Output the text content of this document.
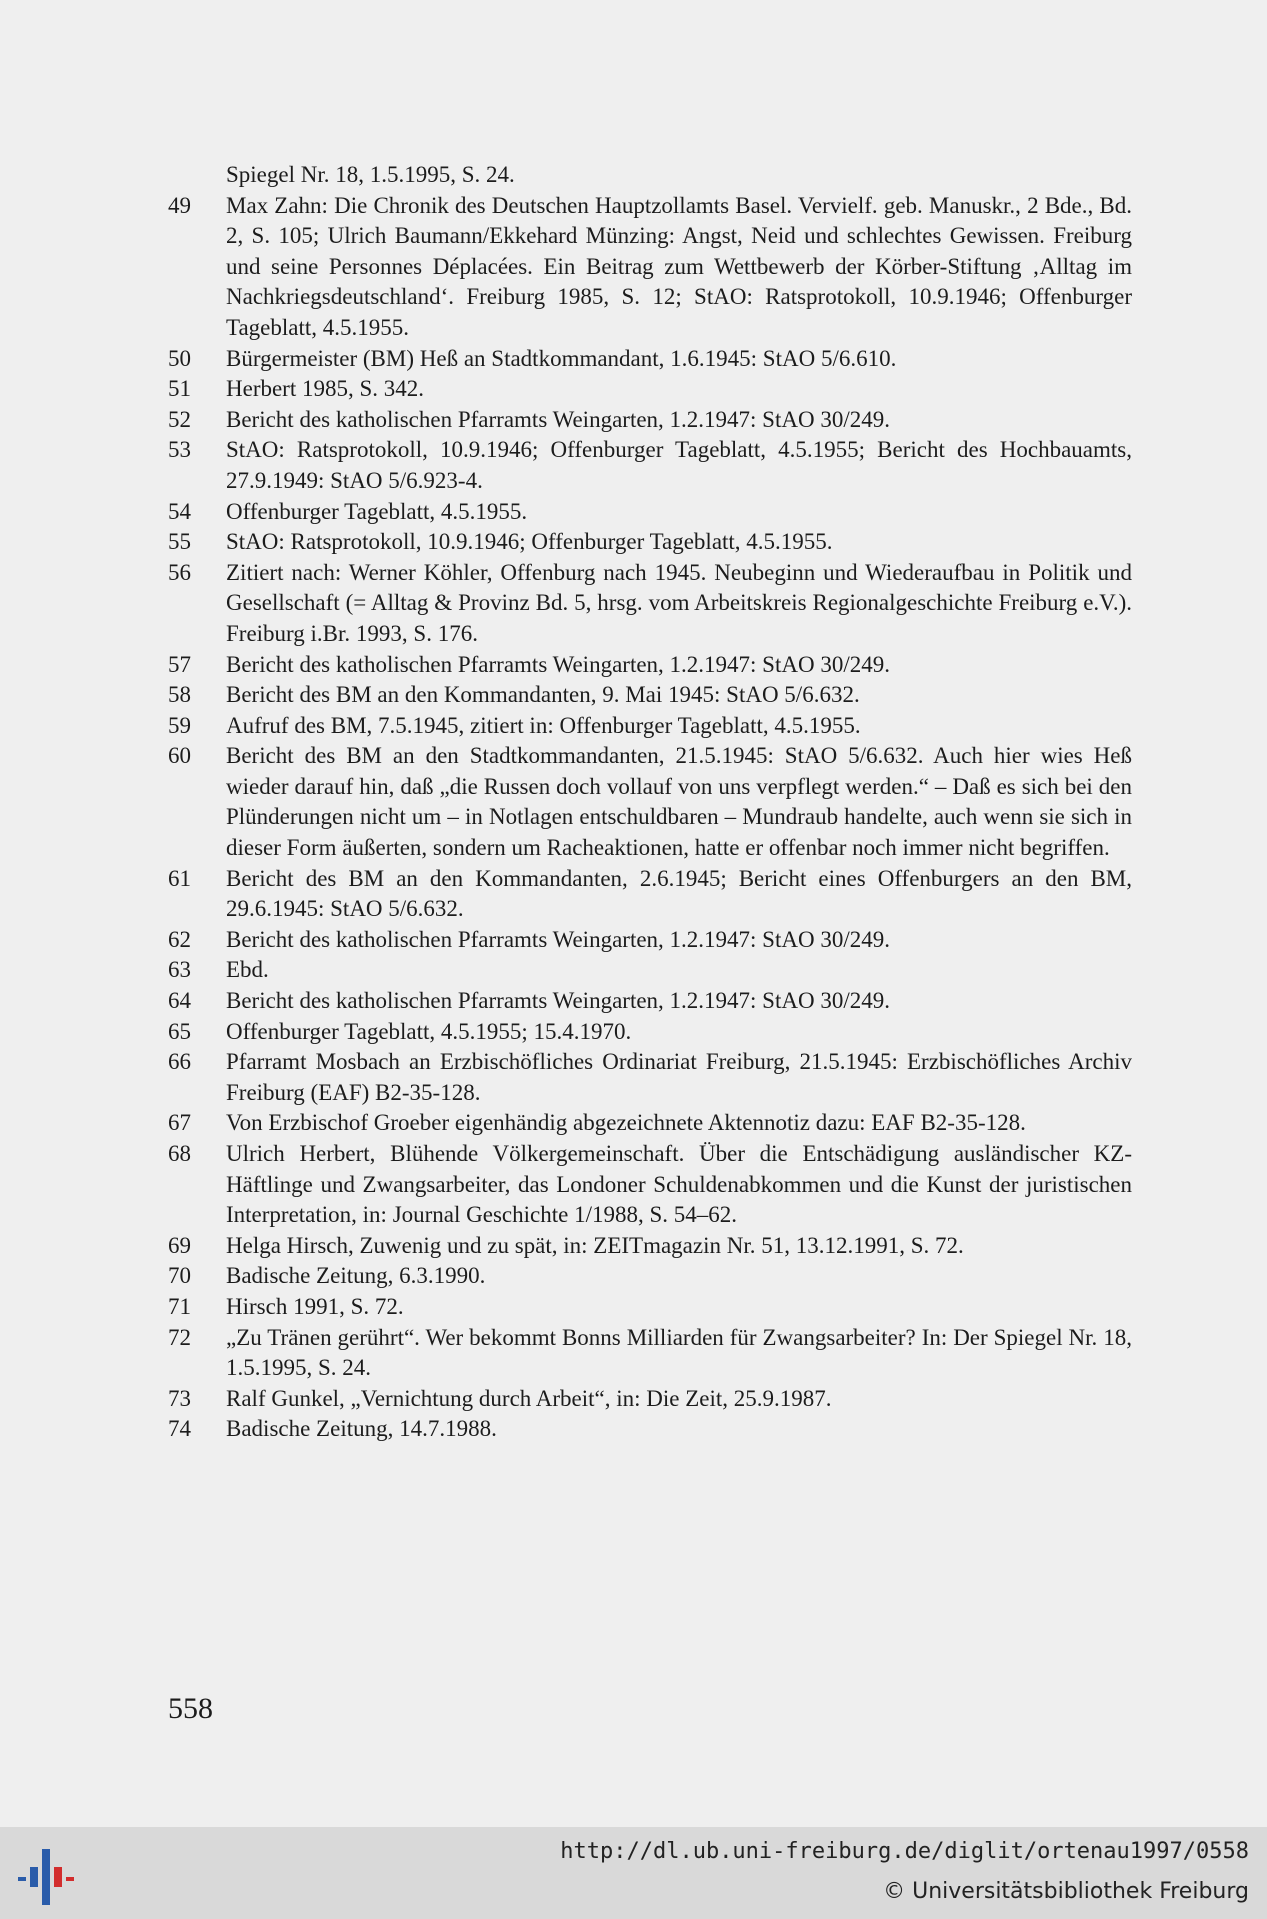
Spiegel Nr. 18, 1.5.1995, S. 24.
49	Max Zahn: Die Chronik des Deutschen Hauptzollamts Basel. Vervielf. geb. Manuskr., 2 Bde., Bd. 2, S. 105; Ulrich Baumann/Ekkehard Münzing: Angst, Neid und schlechtes Gewissen. Freiburg und seine Personnes Déplacées. Ein Beitrag zum Wettbewerb der Körber-Stiftung ‚Alltag im Nachkriegsdeutschland‘. Freiburg 1985, S. 12; StAO: Ratsprotokoll, 10.9.1946; Offenburger Tageblatt, 4.5.1955.
50	Bürgermeister (BM) Heß an Stadtkommandant, 1.6.1945: StAO 5/6.610.
51	Herbert 1985, S. 342.
52	Bericht des katholischen Pfarramts Weingarten, 1.2.1947: StAO 30/249.
53	StAO: Ratsprotokoll, 10.9.1946; Offenburger Tageblatt, 4.5.1955; Bericht des Hochbauamts, 27.9.1949: StAO 5/6.923-4.
54	Offenburger Tageblatt, 4.5.1955.
55	StAO: Ratsprotokoll, 10.9.1946; Offenburger Tageblatt, 4.5.1955.
56	Zitiert nach: Werner Köhler, Offenburg nach 1945. Neubeginn und Wiederaufbau in Politik und Gesellschaft (= Alltag & Provinz Bd. 5, hrsg. vom Arbeitskreis Regionalgeschichte Freiburg e.V.). Freiburg i.Br. 1993, S. 176.
57	Bericht des katholischen Pfarramts Weingarten, 1.2.1947: StAO 30/249.
58	Bericht des BM an den Kommandanten, 9. Mai 1945: StAO 5/6.632.
59	Aufruf des BM, 7.5.1945, zitiert in: Offenburger Tageblatt, 4.5.1955.
60	Bericht des BM an den Stadtkommandanten, 21.5.1945: StAO 5/6.632. Auch hier wies Heß wieder darauf hin, daß „die Russen doch vollauf von uns verpflegt werden.“ – Daß es sich bei den Plünderungen nicht um – in Notlagen entschuldbaren – Mundraub handelte, auch wenn sie sich in dieser Form äußerten, sondern um Racheaktionen, hatte er offenbar noch immer nicht begriffen.
61	Bericht des BM an den Kommandanten, 2.6.1945; Bericht eines Offenburgers an den BM, 29.6.1945: StAO 5/6.632.
62	Bericht des katholischen Pfarramts Weingarten, 1.2.1947: StAO 30/249.
63	Ebd.
64	Bericht des katholischen Pfarramts Weingarten, 1.2.1947: StAO 30/249.
65	Offenburger Tageblatt, 4.5.1955; 15.4.1970.
66	Pfarramt Mosbach an Erzbischöfliches Ordinariat Freiburg, 21.5.1945: Erzbischöfliches Archiv Freiburg (EAF) B2-35-128.
67	Von Erzbischof Groeber eigenhändig abgezeichnete Aktennotiz dazu: EAF B2-35-128.
68	Ulrich Herbert, Blühende Völkergemeinschaft. Über die Entschädigung ausländischer KZ-Häftlinge und Zwangsarbeiter, das Londoner Schuldenabkommen und die Kunst der juristischen Interpretation, in: Journal Geschichte 1/1988, S. 54–62.
69	Helga Hirsch, Zuwenig und zu spät, in: ZEITmagazin Nr. 51, 13.12.1991, S. 72.
70	Badische Zeitung, 6.3.1990.
71	Hirsch 1991, S. 72.
72	„Zu Tränen gerührt“. Wer bekommt Bonns Milliarden für Zwangsarbeiter? In: Der Spiegel Nr. 18, 1.5.1995, S. 24.
73	Ralf Gunkel, „Vernichtung durch Arbeit“, in: Die Zeit, 25.9.1987.
74	Badische Zeitung, 14.7.1988.
558
http://dl.ub.uni-freiburg.de/diglit/ortenau1997/0558
© Universitätsbibliothek Freiburg
